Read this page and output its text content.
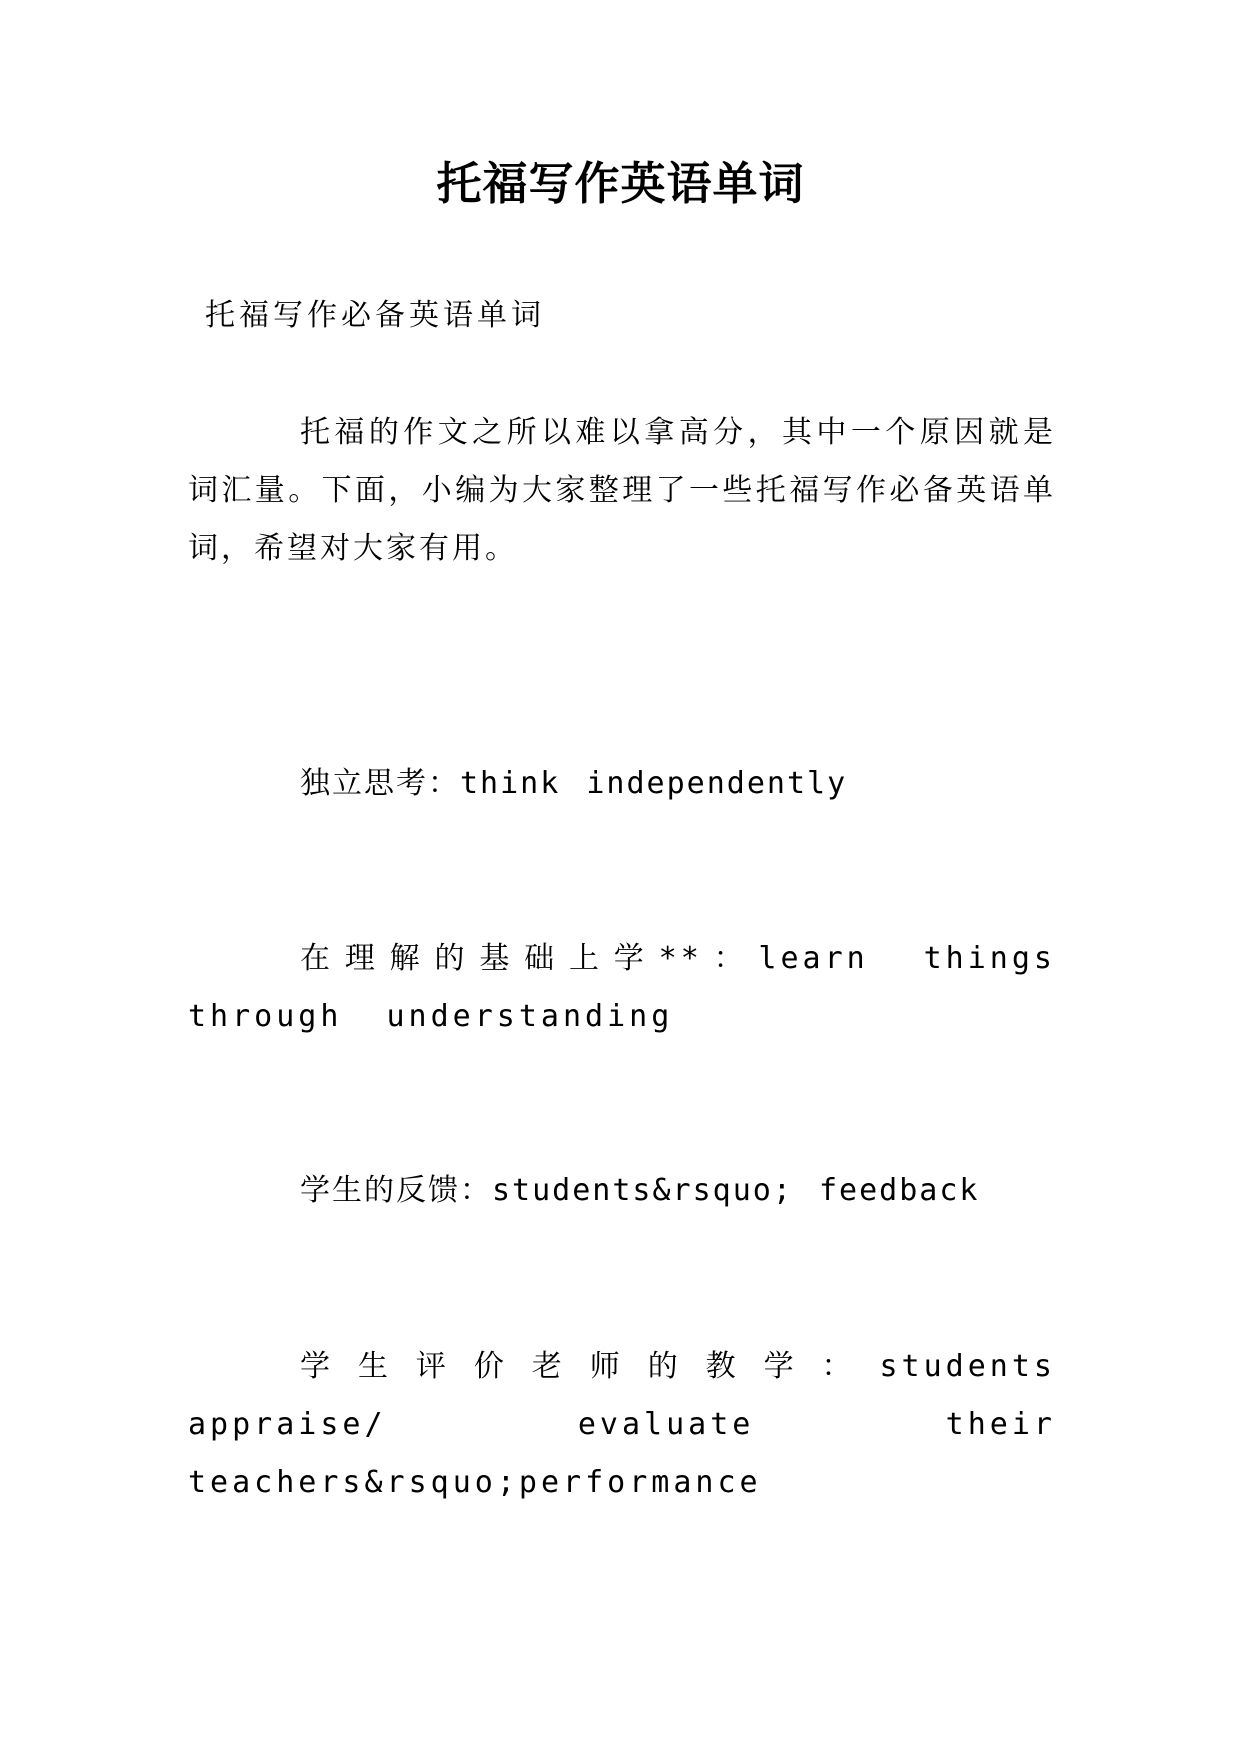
托福写作英语单词
托福写作必备英语单词
托福的作文之所以难以拿高分，其中一个原因就是词汇量。下面，小编为大家整理了一些托福写作必备英语单词，希望对大家有用。
独立思考：think independently
在理解的基础上学**：learn things through understanding
学生的反馈：students&rsquo; feedback
学生评价老师的教学：students appraise/ evaluate their teachers&rsquo;performance
